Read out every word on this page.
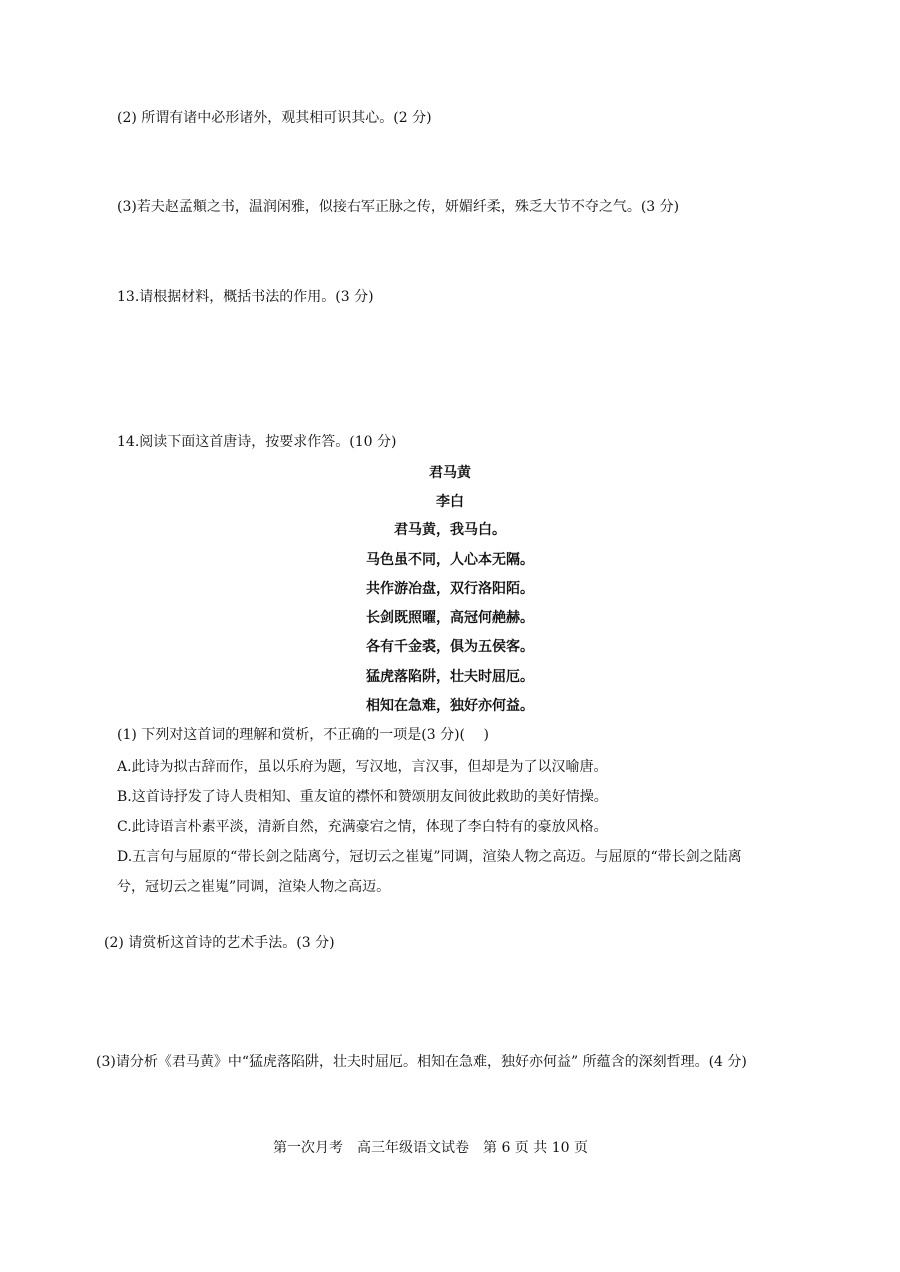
(2) 所谓有诸中必形诸外，观其相可识其心。(2 分)
(3)若夫赵孟頫之书，温润闲雅，似接右军正脉之传，妍媚纤柔，殊乏大节不夺之气。(3 分)
13.请根据材料，概括书法的作用。(3 分)
14.阅读下面这首唐诗，按要求作答。(10 分)
君马黄
李白
君马黄，我马白。
马色虽不同，人心本无隔。
共作游冶盘，双行洛阳陌。
长剑既照曜，高冠何赩赫。
各有千金裘，俱为五侯客。
猛虎落陷阱，壮夫时屈厄。
相知在急难，独好亦何益。
(1) 下列对这首词的理解和赏析，不正确的一项是(3 分)(　 )
A.此诗为拟古辞而作，虽以乐府为题，写汉地，言汉事，但却是为了以汉喻唐。
B.这首诗抒发了诗人贵相知、重友谊的襟怀和赞颂朋友间彼此救助的美好情操。
C.此诗语言朴素平淡，清新自然，充满豪宕之情，体现了李白特有的豪放风格。
D.五言句与屈原的“带长剑之陆离兮，冠切云之崔嵬”同调，渲染人物之高迈。与屈原的“带长剑之陆离
兮，冠切云之崔嵬”同调，渲染人物之高迈。
(2) 请赏析这首诗的艺术手法。(3 分)
(3)请分析《君马黄》中“猛虎落陷阱，壮夫时屈厄。相知在急难，独好亦何益” 所蕴含的深刻哲理。(4 分)
第一次月考　高三年级语文试卷　第 6 页 共 10 页
